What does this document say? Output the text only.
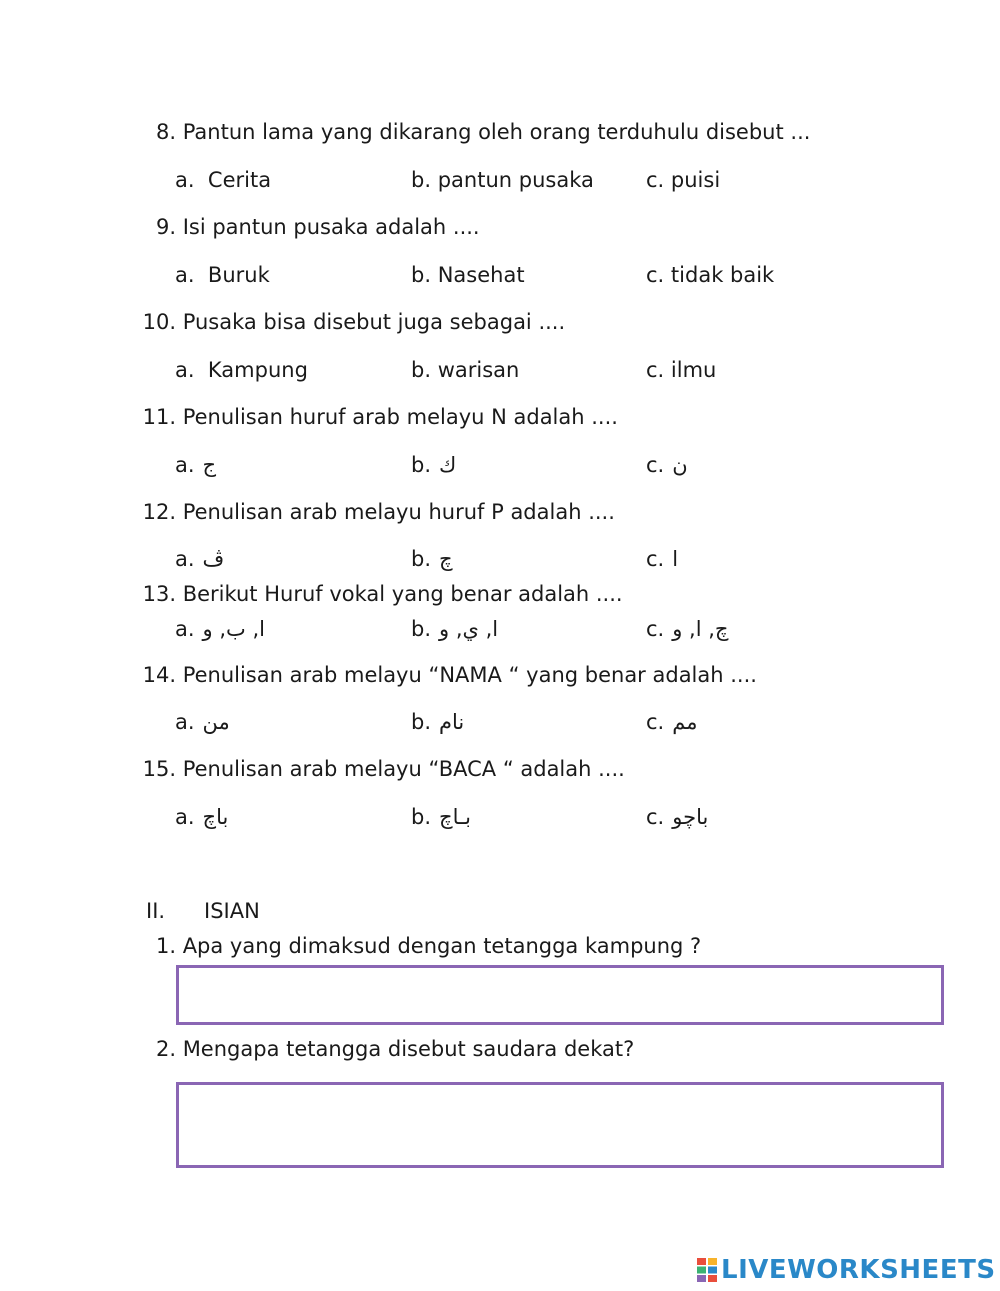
8. Pantun lama yang dikarang oleh orang terduhulu disebut ...
a. Cerita	b. pantun pusaka c. puisi
9. Isi pantun pusaka adalah ....
a. Buruk	b. Nasehat	c. tidak baik
10. Pusaka bisa disebut juga sebagai ....
a. Kampung	b. warisan	c. ilmu
11. Penulisan huruf arab melayu N adalah ....
a. ج	b. ك	c. ن
12. Penulisan arab melayu huruf P adalah ....
a. ڤ	b. چ	c. ا
13. Berikut Huruf vokal yang benar adalah ....
a. ا, ب, و	b. ا, ي, و	c. چ, ا, و
14. Penulisan arab melayu “NAMA “ yang benar adalah ....
a. من	b. نام	c. مم
15. Penulisan arab melayu “BACA “ adalah ....
a. باچ	b. بـاچ	c. باچو
II. ISIAN
1. Apa yang dimaksud dengan tetangga kampung ?
2. Mengapa tetangga disebut saudara dekat?
LIVEWORKSHEETS
